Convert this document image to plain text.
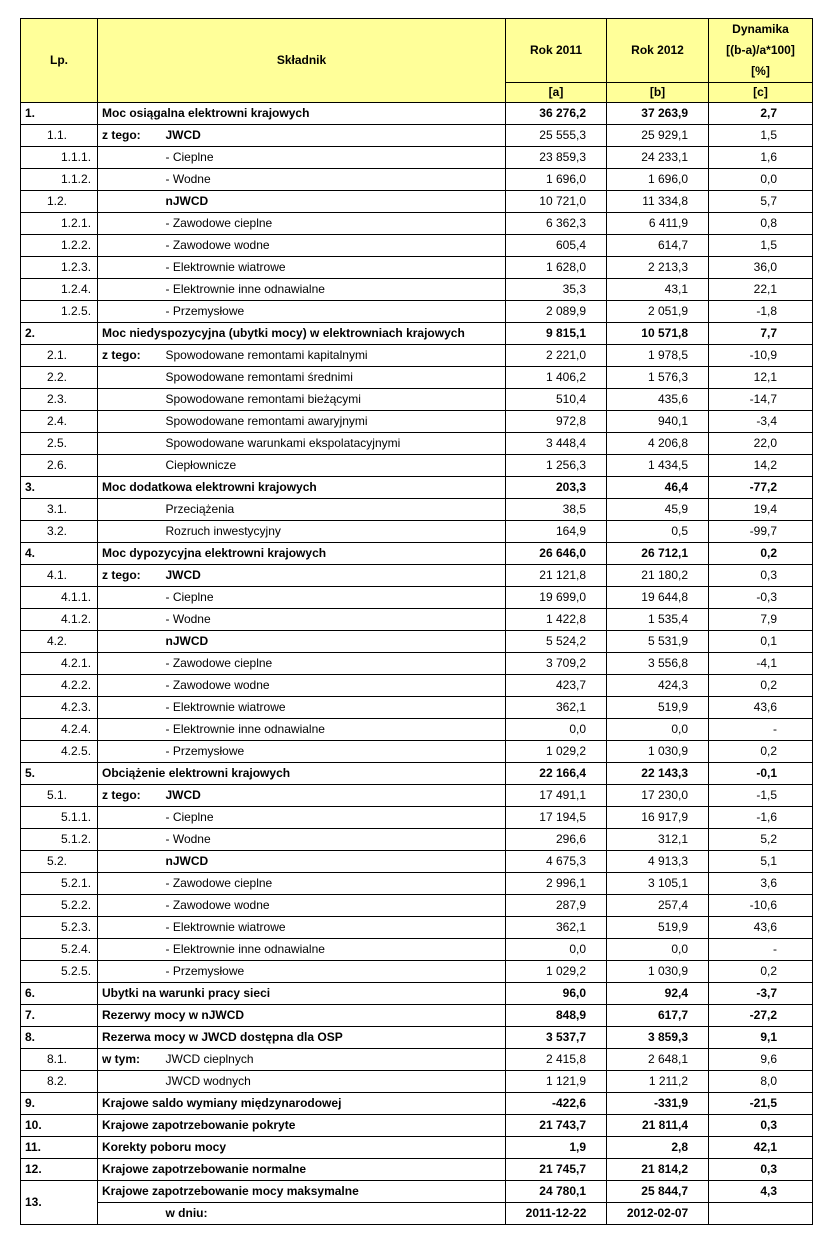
Lp.	Składnik		Rok 2011	Rok 2012	Dynamika
[(b-a)/a*100]
[%]
			[a]	[b]	[c]
1.	Moc osiągalna elektrowni krajowych		36 276,2	37 263,9	2,7
1.1.	z tego:	JWCD	25 555,3	25 929,1	1,5
1.1.1.		- Cieplne	23 859,3	24 233,1	1,6
1.1.2.		- Wodne	1 696,0	1 696,0	0,0
1.2.		nJWCD	10 721,0	11 334,8	5,7
1.2.1.		- Zawodowe cieplne	6 362,3	6 411,9	0,8
1.2.2.		- Zawodowe wodne	605,4	614,7	1,5
1.2.3.		- Elektrownie wiatrowe	1 628,0	2 213,3	36,0
1.2.4.		- Elektrownie inne odnawialne	35,3	43,1	22,1
1.2.5.		- Przemysłowe	2 089,9	2 051,9	-1,8
2.	Moc niedyspozycyjna (ubytki mocy) w elektrowniach krajowych		9 815,1	10 571,8	7,7
2.1.	z tego:	Spowodowane remontami kapitalnymi	2 221,0	1 978,5	-10,9
2.2.		Spowodowane remontami średnimi	1 406,2	1 576,3	12,1
2.3.		Spowodowane remontami bieżącymi	510,4	435,6	-14,7
2.4.		Spowodowane remontami awaryjnymi	972,8	940,1	-3,4
2.5.		Spowodowane warunkami ekspolatacyjnymi	3 448,4	4 206,8	22,0
2.6.		Ciepłownicze	1 256,3	1 434,5	14,2
3.	Moc dodatkowa elektrowni krajowych		203,3	46,4	-77,2
3.1.		Przeciążenia	38,5	45,9	19,4
3.2.		Rozruch inwestycyjny	164,9	0,5	-99,7
4.	Moc dypozycyjna elektrowni krajowych		26 646,0	26 712,1	0,2
4.1.	z tego:	JWCD	21 121,8	21 180,2	0,3
4.1.1.		- Cieplne	19 699,0	19 644,8	-0,3
4.1.2.		- Wodne	1 422,8	1 535,4	7,9
4.2.		nJWCD	5 524,2	5 531,9	0,1
4.2.1.		- Zawodowe cieplne	3 709,2	3 556,8	-4,1
4.2.2.		- Zawodowe wodne	423,7	424,3	0,2
4.2.3.		- Elektrownie wiatrowe	362,1	519,9	43,6
4.2.4.		- Elektrownie inne odnawialne	0,0	0,0	-
4.2.5.		- Przemysłowe	1 029,2	1 030,9	0,2
5.	Obciążenie elektrowni krajowych		22 166,4	22 143,3	-0,1
5.1.	z tego:	JWCD	17 491,1	17 230,0	-1,5
5.1.1.		- Cieplne	17 194,5	16 917,9	-1,6
5.1.2.		- Wodne	296,6	312,1	5,2
5.2.		nJWCD	4 675,3	4 913,3	5,1
5.2.1.		- Zawodowe cieplne	2 996,1	3 105,1	3,6
5.2.2.		- Zawodowe wodne	287,9	257,4	-10,6
5.2.3.		- Elektrownie wiatrowe	362,1	519,9	43,6
5.2.4.		- Elektrownie inne odnawialne	0,0	0,0	-
5.2.5.		- Przemysłowe	1 029,2	1 030,9	0,2
6.	Ubytki na warunki pracy sieci		96,0	92,4	-3,7
7.	Rezerwy mocy w nJWCD		848,9	617,7	-27,2
8.	Rezerwa mocy w JWCD dostępna dla OSP		3 537,7	3 859,3	9,1
8.1.	w tym:	JWCD cieplnych	2 415,8	2 648,1	9,6
8.2.		JWCD wodnych	1 121,9	1 211,2	8,0
9.	Krajowe saldo wymiany międzynarodowej		-422,6	-331,9	-21,5
10.	Krajowe zapotrzebowanie pokryte		21 743,7	21 811,4	0,3
11.	Korekty poboru mocy		1,9	2,8	42,1
12.	Krajowe zapotrzebowanie normalne		21 745,7	21 814,2	0,3
13.	Krajowe zapotrzebowanie mocy maksymalne		24 780,1	25 844,7	4,3
		w dniu:	2011-12-22	2012-02-07	
